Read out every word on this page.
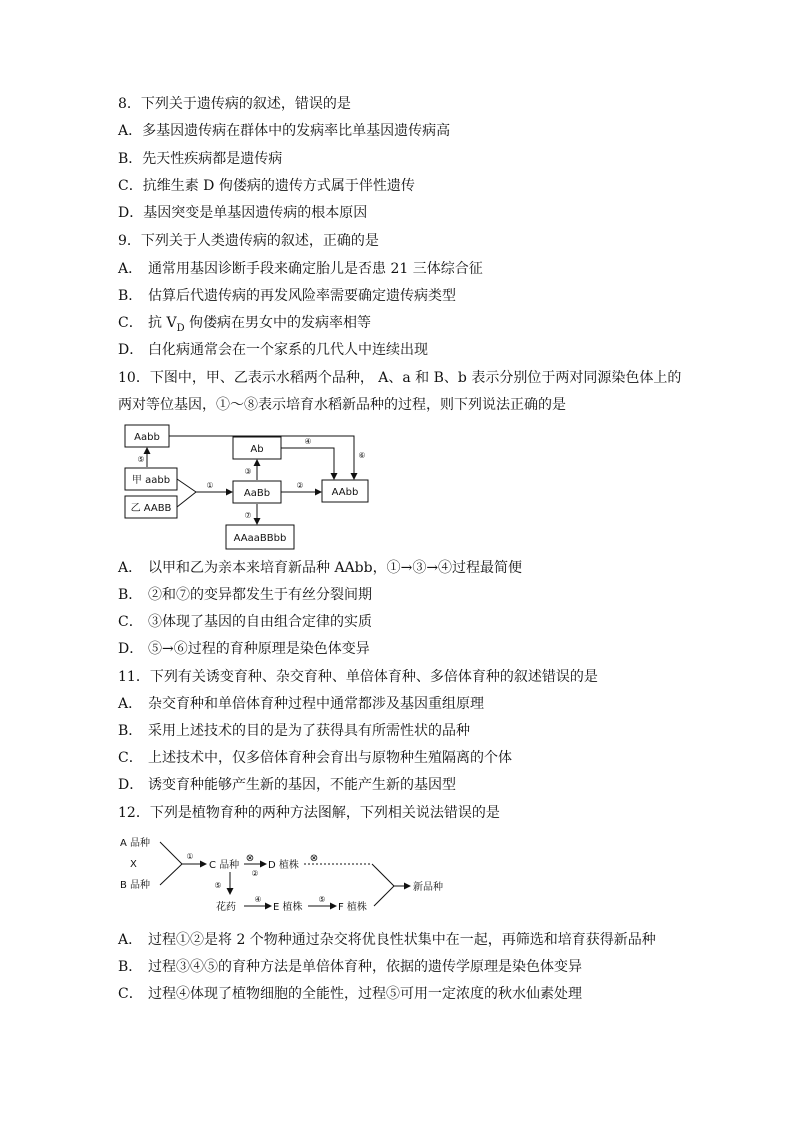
8．下列关于遗传病的叙述，错误的是
A．多基因遗传病在群体中的发病率比单基因遗传病高
B．先天性疾病都是遗传病
C．抗维生素 D 佝偻病的遗传方式属于伴性遗传
D．基因突变是单基因遗传病的根本原因
9．下列关于人类遗传病的叙述，正确的是
A． 通常用基因诊断手段来确定胎儿是否患 21 三体综合征
B． 估算后代遗传病的再发风险率需要确定遗传病类型
C． 抗 $V_D$ 佝偻病在男女中的发病率相等
D． 白化病通常会在一个家系的几代人中连续出现
10．下图中，甲、乙表示水稻两个品种， A、a 和 B、b 表示分别位于两对同源染色体上的
两对等位基因，①～⑧表示培育水稻新品种的过程，则下列说法正确的是
Aabb
⑤
甲 aabb
乙 AABB
①
AaBb
③
Ab
④
⑥
②
AAbb
⑦
AAaaBBbb
A． 以甲和乙为亲本来培育新品种 AAbb，①→③→④过程最简便
B． ②和⑦的变异都发生于有丝分裂间期
C． ③体现了基因的自由组合定律的实质
D． ⑤→⑥过程的育种原理是染色体变异
11．下列有关诱变育种、杂交育种、单倍体育种、多倍体育种的叙述错误的是
A． 杂交育种和单倍体育种过程中通常都涉及基因重组原理
B． 采用上述技术的目的是为了获得具有所需性状的品种
C． 上述技术中，仅多倍体育种会育出与原物种生殖隔离的个体
D． 诱变育种能够产生新的基因，不能产生新的基因型
12．下列是植物育种的两种方法图解，下列相关说法错误的是
A 品种
X
B 品种
①
C 品种
⊗
②
D 植株
⊗
⑤
花药
④
E 植株
⑤
F 植株
新品种
A． 过程①②是将 2 个物种通过杂交将优良性状集中在一起，再筛选和培育获得新品种
B． 过程③④⑤的育种方法是单倍体育种，依据的遗传学原理是染色体变异
C． 过程④体现了植物细胞的全能性，过程⑤可用一定浓度的秋水仙素处理
